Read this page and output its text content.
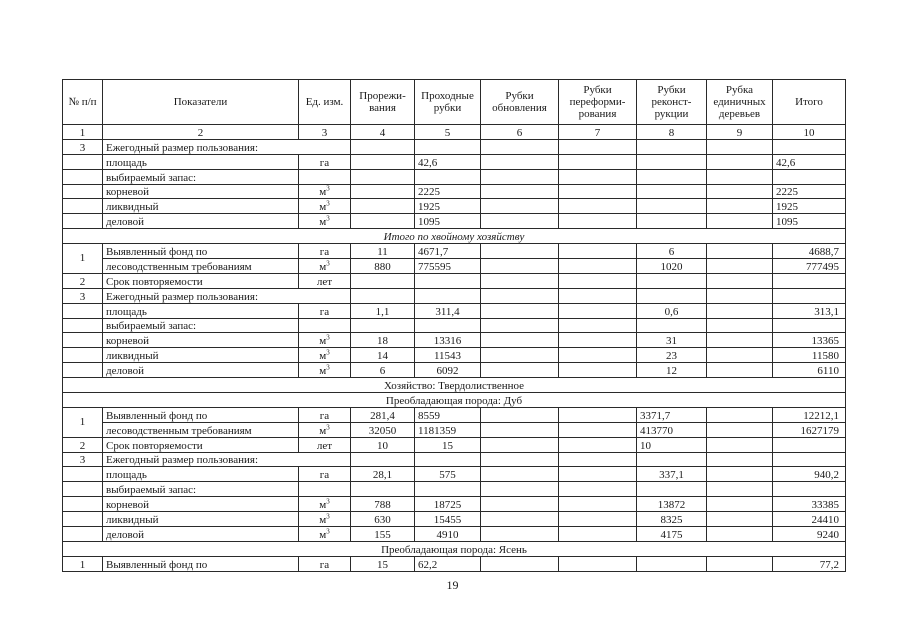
№ п/п	Показатели	Ед. изм.	Прорежи-вания	Проходные рубки	Рубки обновления	Рубки переформи-рования	Рубки реконст-рукции	Рубка единичных деревьев	Итого
1	2	3	4	5	6	7	8	9	10
3	Ежегодный размер пользования:								
	площадь	га		42,6					42,6
	выбираемый запас:								
	корневой	$м^3$		2225					2225
	ликвидный	$м^3$		1925					1925
	деловой	$м^3$		1095					1095
Итого по хвойному хозяйству									
1	Выявленный фонд по	га	11	4671,7			6		4688,7
	лесоводственным требованиям	$м^3$	880	775595			1020		777495
2	Срок повторяемости	лет							
3	Ежегодный размер пользования:								
	площадь	га	1,1	311,4			0,6		313,1
	выбираемый запас:								
	корневой	$м^3$	18	13316			31		13365
	ликвидный	$м^3$	14	11543			23		11580
	деловой	$м^3$	6	6092			12		6110
Хозяйство: Твердолиственное									
Преобладающая порода: Дуб									
1	Выявленный фонд по	га	281,4	8559			3371,7		12212,1
	лесоводственным требованиям	$м^3$	32050	1181359			413770		1627179
2	Срок повторяемости	лет	10	15			10		
3	Ежегодный размер пользования:								
	площадь	га	28,1	575			337,1		940,2
	выбираемый запас:								
	корневой	$м^3$	788	18725			13872		33385
	ликвидный	$м^3$	630	15455			8325		24410
	деловой	$м^3$	155	4910			4175		9240
Преобладающая порода: Ясень									
1	Выявленный фонд по	га	15	62,2					77,2
19
